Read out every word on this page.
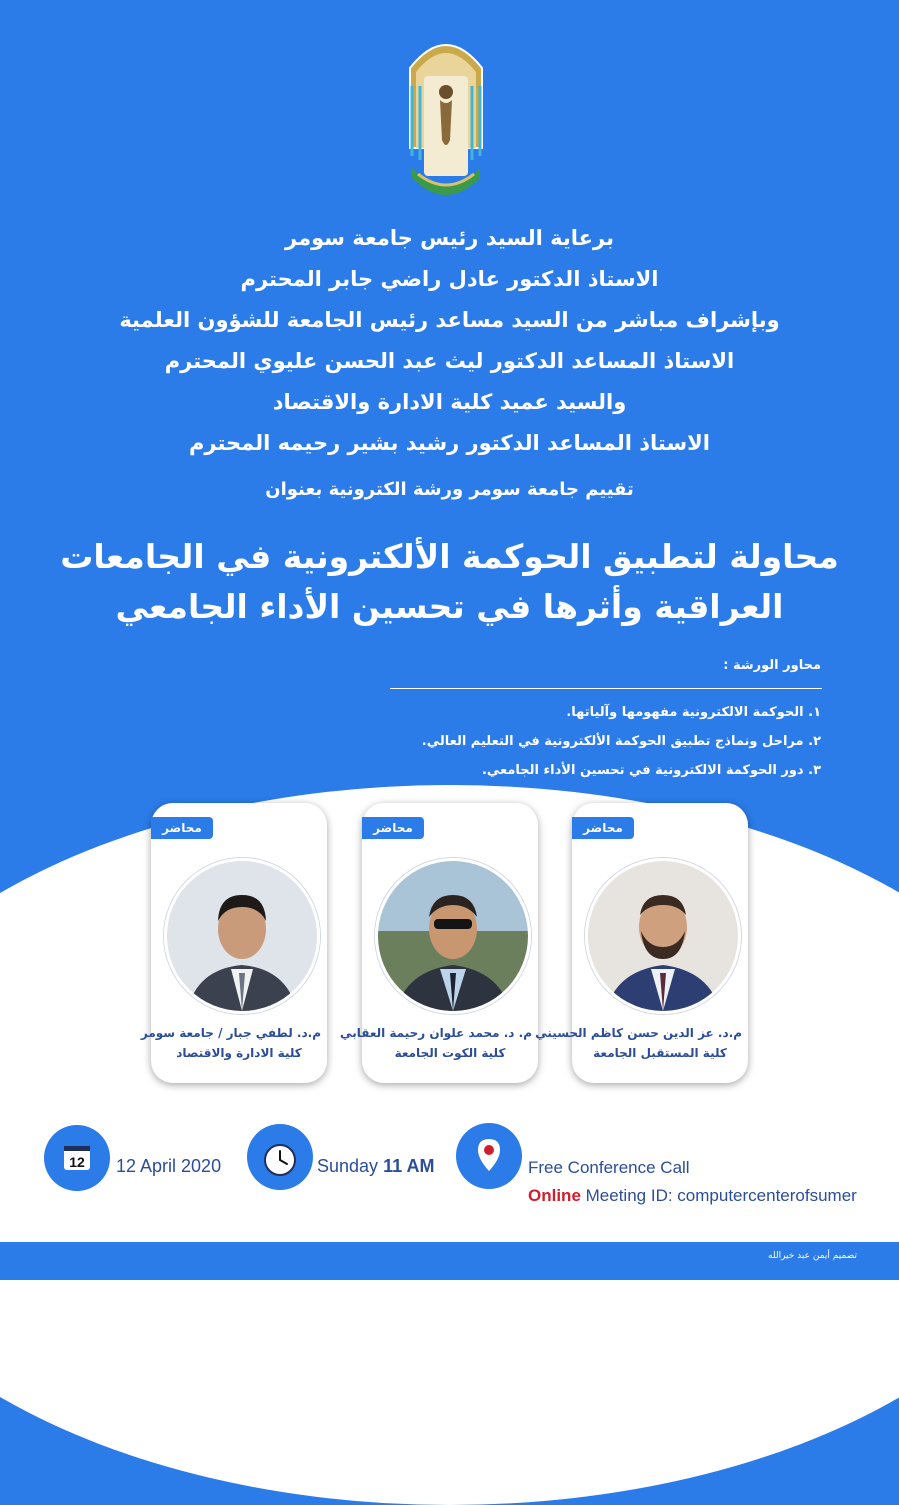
برعاية السيد رئيس جامعة سومر
الاستاذ الدكتور عادل راضي جابر المحترم
وبإشراف مباشر من السيد مساعد رئيس الجامعة للشؤون العلمية
الاستاذ المساعد الدكتور ليث عبد الحسن عليوي المحترم
والسيد عميد كلية الادارة والاقتصاد
الاستاذ المساعد الدكتور رشيد بشير رحيمه المحترم
تقييم جامعة سومر ورشة الكترونية بعنوان
محاولة لتطبيق الحوكمة الألكترونية في الجامعات
العراقية وأثرها في تحسين الأداء الجامعي
محاور الورشة :
١. الحوكمة الالكترونية مفهومها وآلياتها.
٢. مراحل ونماذج تطبيق الحوكمة الألكترونية في التعليم العالي.
٣. دور الحوكمة الالكترونية في تحسين الأداء الجامعي.
محاضر
م.د. لطفي جبار / جامعة سومر
كلية الادارة والاقتصاد
محاضر
م. د. محمد علوان رحيمة العقابي
كلية الكوت الجامعة
محاضر
م.د. عز الدين حسن كاظم الحسيني
كلية المستقبل الجامعة
12 12 April 2020	Sunday 11 AM	Free Conference Call
Online Meeting ID: computercenterofsumer
تصميم أيمن عبد خيرالله
